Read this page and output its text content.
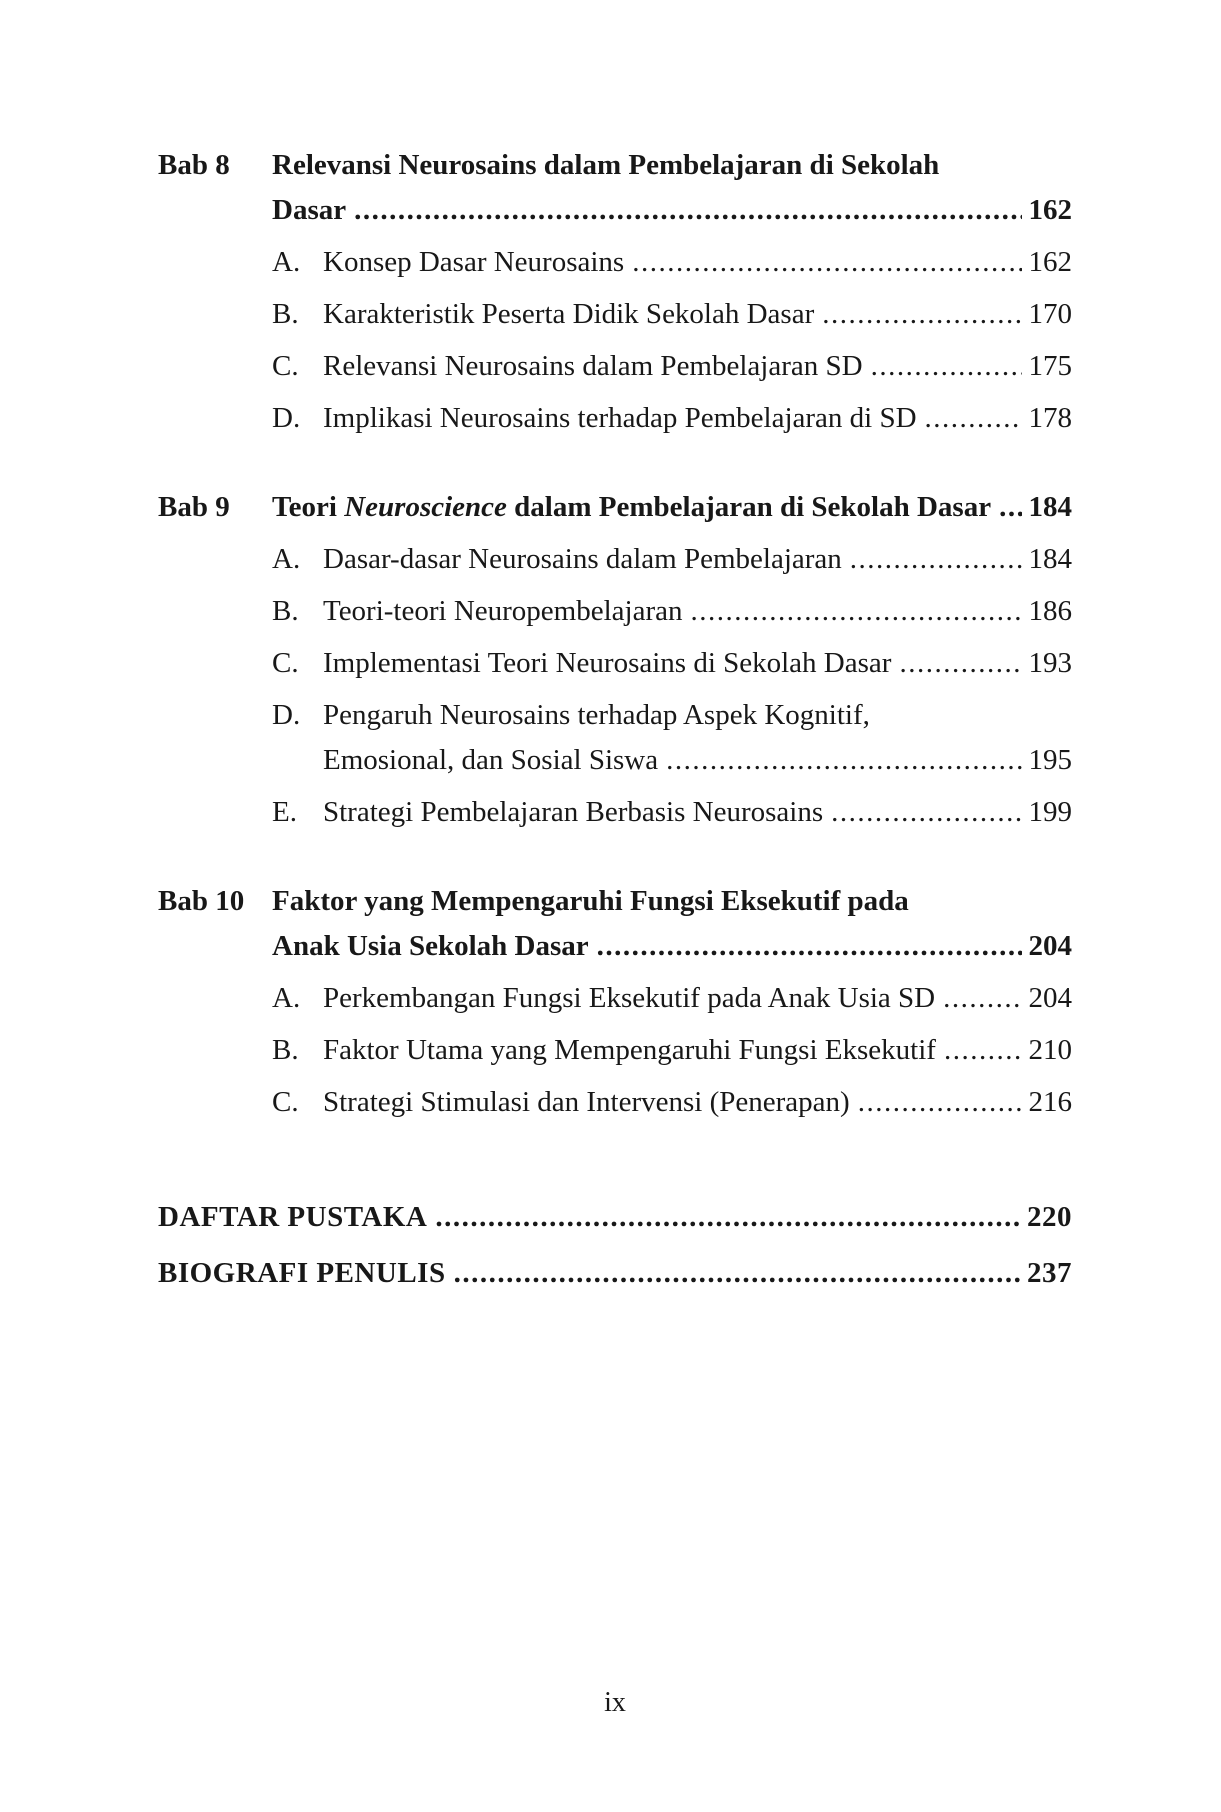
Bab 8	Relevansi Neurosains dalam Pembelajaran di Sekolah
Dasar .....	162
A. Konsep Dasar Neurosains .....	162
B. Karakteristik Peserta Didik Sekolah Dasar .....	170
C. Relevansi Neurosains dalam Pembelajaran SD .....	175
D. Implikasi Neurosains terhadap Pembelajaran di SD .....	178
Bab 9	Teori Neuroscience dalam Pembelajaran di Sekolah Dasar ..... 184
A. Dasar-dasar Neurosains dalam Pembelajaran .....	184
B. Teori-teori Neuropembelajaran .....	186
C. Implementasi Teori Neurosains di Sekolah Dasar .....	193
D. Pengaruh Neurosains terhadap Aspek Kognitif,
Emosional, dan Sosial Siswa .....	195
E. Strategi Pembelajaran Berbasis Neurosains .....	199
Bab 10 Faktor yang Mempengaruhi Fungsi Eksekutif pada
Anak Usia Sekolah Dasar .....	204
A. Perkembangan Fungsi Eksekutif pada Anak Usia SD .....	204
B. Faktor Utama yang Mempengaruhi Fungsi Eksekutif .....	210
C. Strategi Stimulasi dan Intervensi (Penerapan) .....	216
DAFTAR PUSTAKA .....	220
BIOGRAFI PENULIS .....	237
ix
